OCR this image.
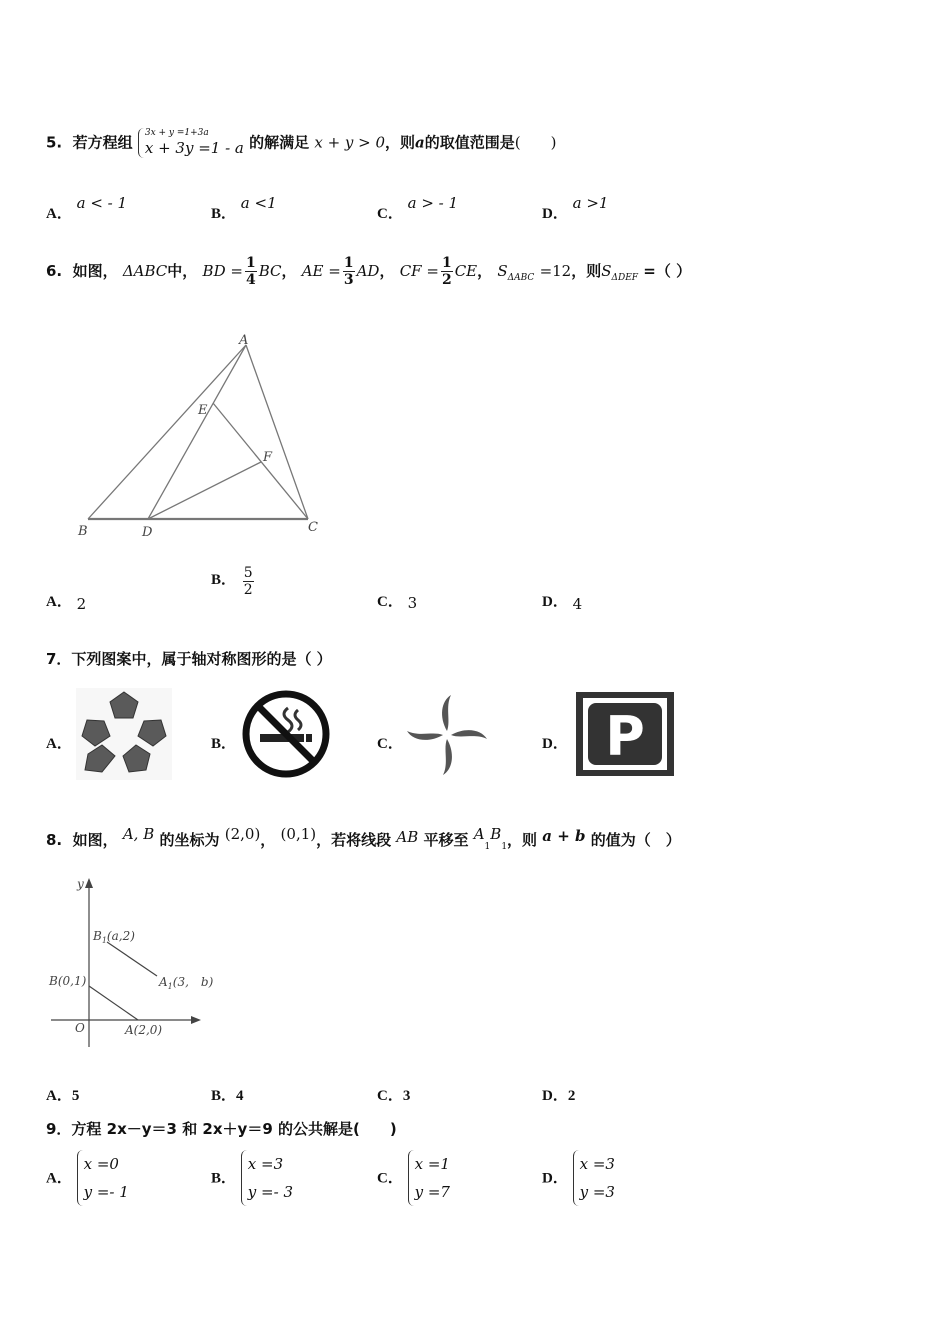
5. 若方程组
3x + y =1+3a
x + 3y =1 - a 的解满足 x + y > 0，则a的取值范围是(　　)
A． a < - 1
B． a <1
C． a > - 1
D． a >1
6. 如图， ΔABC中， BD = $\frac{1}{4}$ BC， AE = $\frac{1}{3}$ AD， CF = $\frac{1}{2}$ CE， $S_{\Delta ABC} =12$，则$S_{\Delta DEF}$ =（ ）
A
B	C
D
E
F
A． 2
B． $\frac{5}{2}$
C． 3	D． 4
7．下列图案中，属于轴对称图形的是（ ）
A．	B．	C．	D． P
8. 如图， A, B 的坐标为 (2,0)， (0,1)，若将线段 AB 平移至 $A_1B_1$，则 a + b 的值为（　）
y
O	A(2,0)
B(0,1)
$B_1(a,2)$
$A_1(3$,　b)
A．5	B．4	C．3	D．2
9．方程 2x－y＝3 和 2x＋y＝9 的公共解是(　　)
A．
x =0
y =- 1
B．
x =3
y =- 3
C．
x =1
y =7
D．
x =3
y =3
